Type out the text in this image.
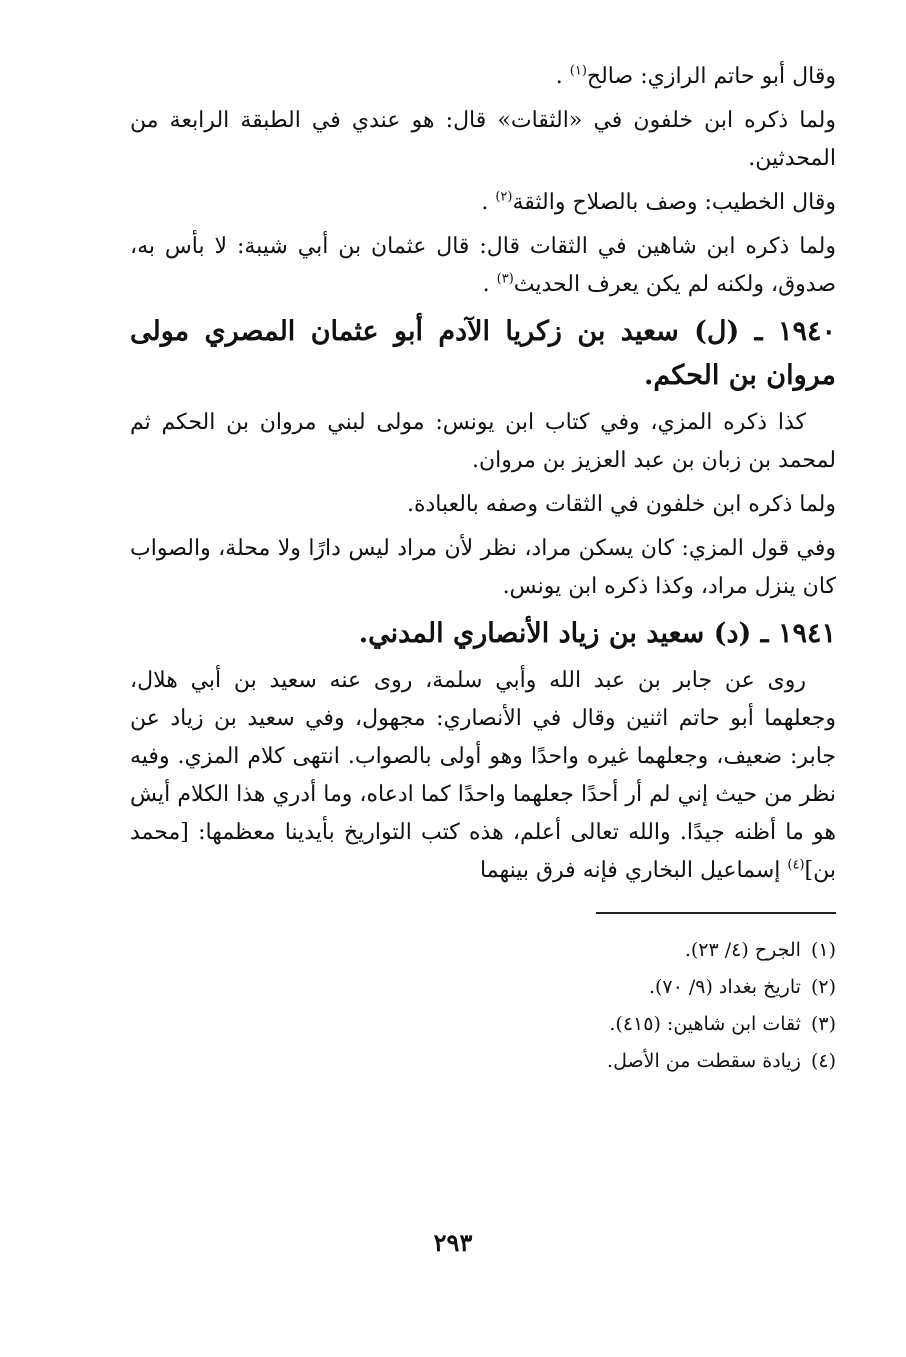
وقال أبو حاتم الرازي: صالح$^{(١)}$ .

ولما ذكره ابن خلفون في «الثقات» قال: هو عندي في الطبقة الرابعة من المحدثين.

وقال الخطيب: وصف بالصلاح والثقة$^{(٢)}$ .

ولما ذكره ابن شاهين في الثقات قال: قال عثمان بن أبي شيبة: لا بأس به، صدوق، ولكنه لم يكن يعرف الحديث$^{(٣)}$ .

١٩٤٠ ـ (ل) سعيد بن زكريا الآدم أبو عثمان المصري مولى مروان بن الحكم.

كذا ذكره المزي، وفي كتاب ابن يونس: مولى لبني مروان بن الحكم ثم لمحمد بن زبان بن عبد العزيز بن مروان.

ولما ذكره ابن خلفون في الثقات وصفه بالعبادة.

وفي قول المزي: كان يسكن مراد، نظر لأن مراد ليس دارًا ولا محلة، والصواب كان ينزل مراد، وكذا ذكره ابن يونس.

١٩٤١ ـ (د) سعيد بن زياد الأنصاري المدني.

روى عن جابر بن عبد الله وأبي سلمة، روى عنه سعيد بن أبي هلال، وجعلهما أبو حاتم اثنين وقال في الأنصاري: مجهول، وفي سعيد بن زياد عن جابر: ضعيف، وجعلهما غيره واحدًا وهو أولى بالصواب. انتهى كلام المزي. وفيه نظر من حيث إني لم أر أحدًا جعلهما واحدًا كما ادعاه، وما أدري هذا الكلام أيش هو ما أظنه جيدًا. والله تعالى أعلم، هذه كتب التواريخ بأيدينا معظمها: [محمد بن]$^{(٤)}$ إسماعيل البخاري فإنه فرق بينهما

(١)الجرح (٤/ ٢٣).
(٢)تاريخ بغداد (٩/ ٧٠).
(٣)ثقات ابن شاهين: (٤١٥).
(٤)زيادة سقطت من الأصل.
٢٩٣
